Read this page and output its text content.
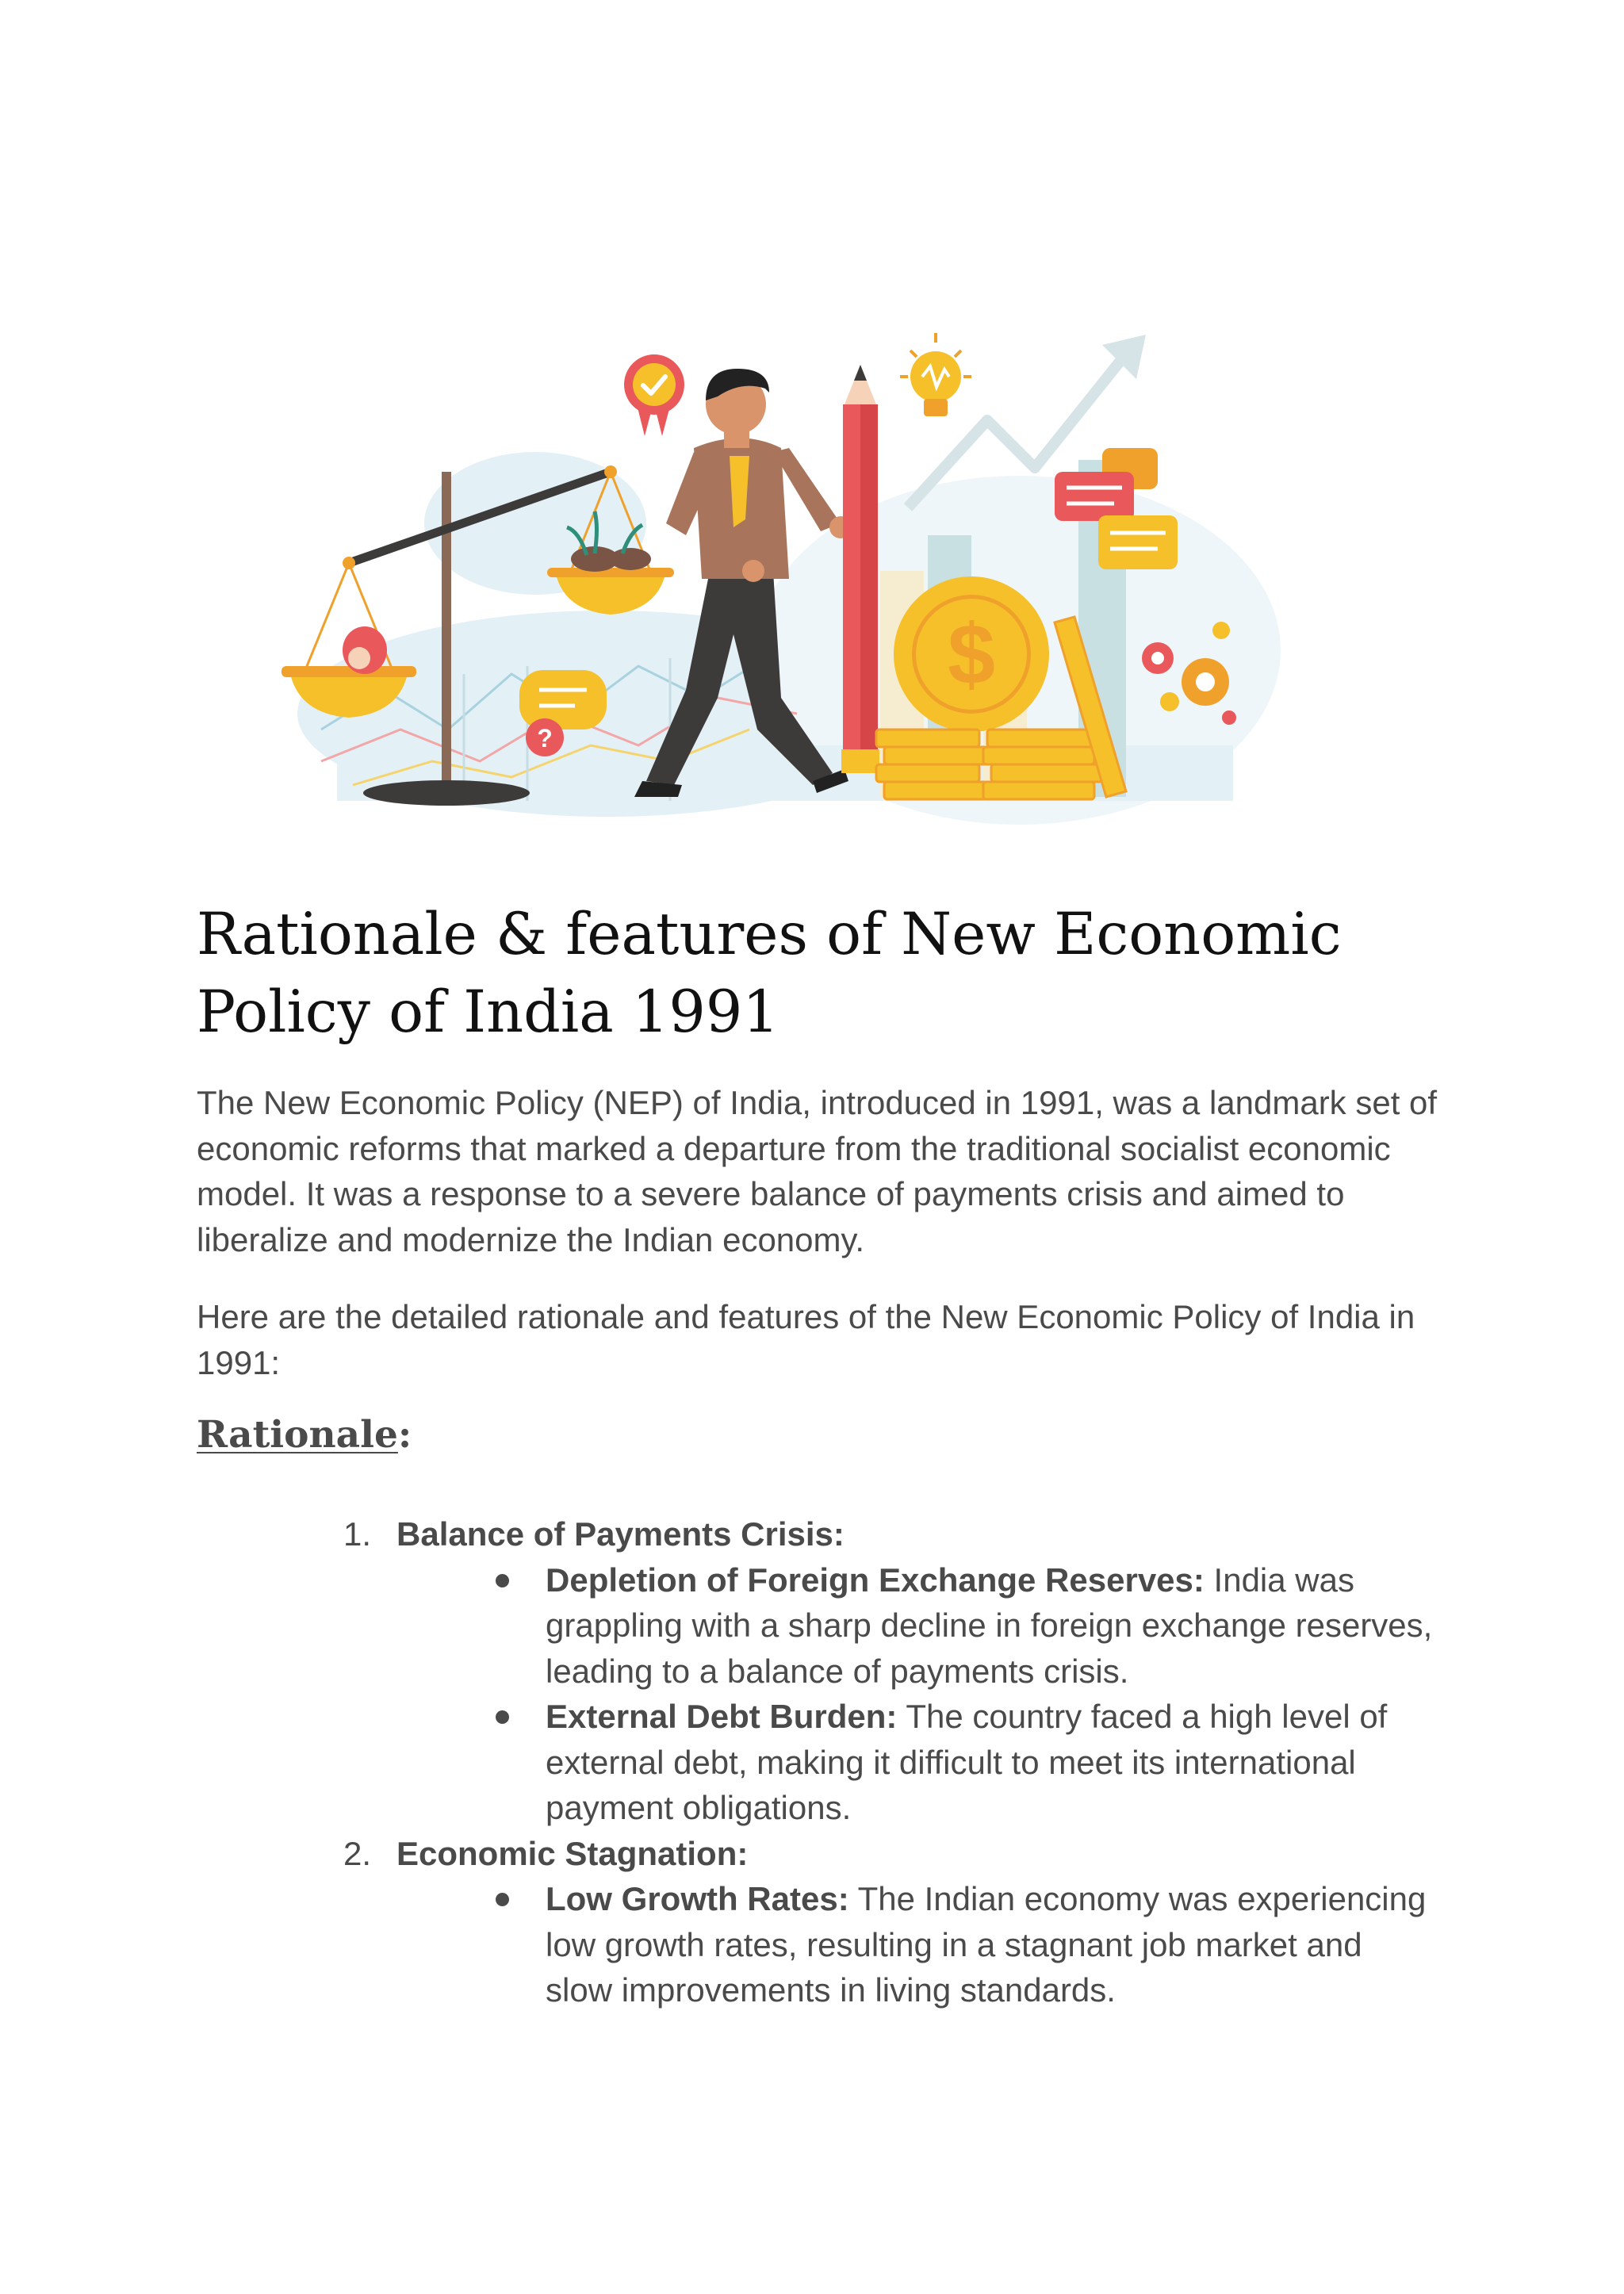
?
$
Rationale & features of New Economic Policy of India 1991

The New Economic Policy (NEP) of India, introduced in 1991, was a landmark set of economic reforms that marked a departure from the traditional socialist economic model. It was a response to a severe balance of payments crisis and aimed to liberalize and modernize the Indian economy.

Here are the detailed rationale and features of the New Economic Policy of India in 1991:

Rationale:
1. Balance of Payments Crisis:
Depletion of Foreign Exchange Reserves: India was grappling with a sharp decline in foreign exchange reserves, leading to a balance of payments crisis.
External Debt Burden: The country faced a high level of external debt, making it difficult to meet its international payment obligations.
2. Economic Stagnation:
Low Growth Rates: The Indian economy was experiencing low growth rates, resulting in a stagnant job market and slow improvements in living standards.
